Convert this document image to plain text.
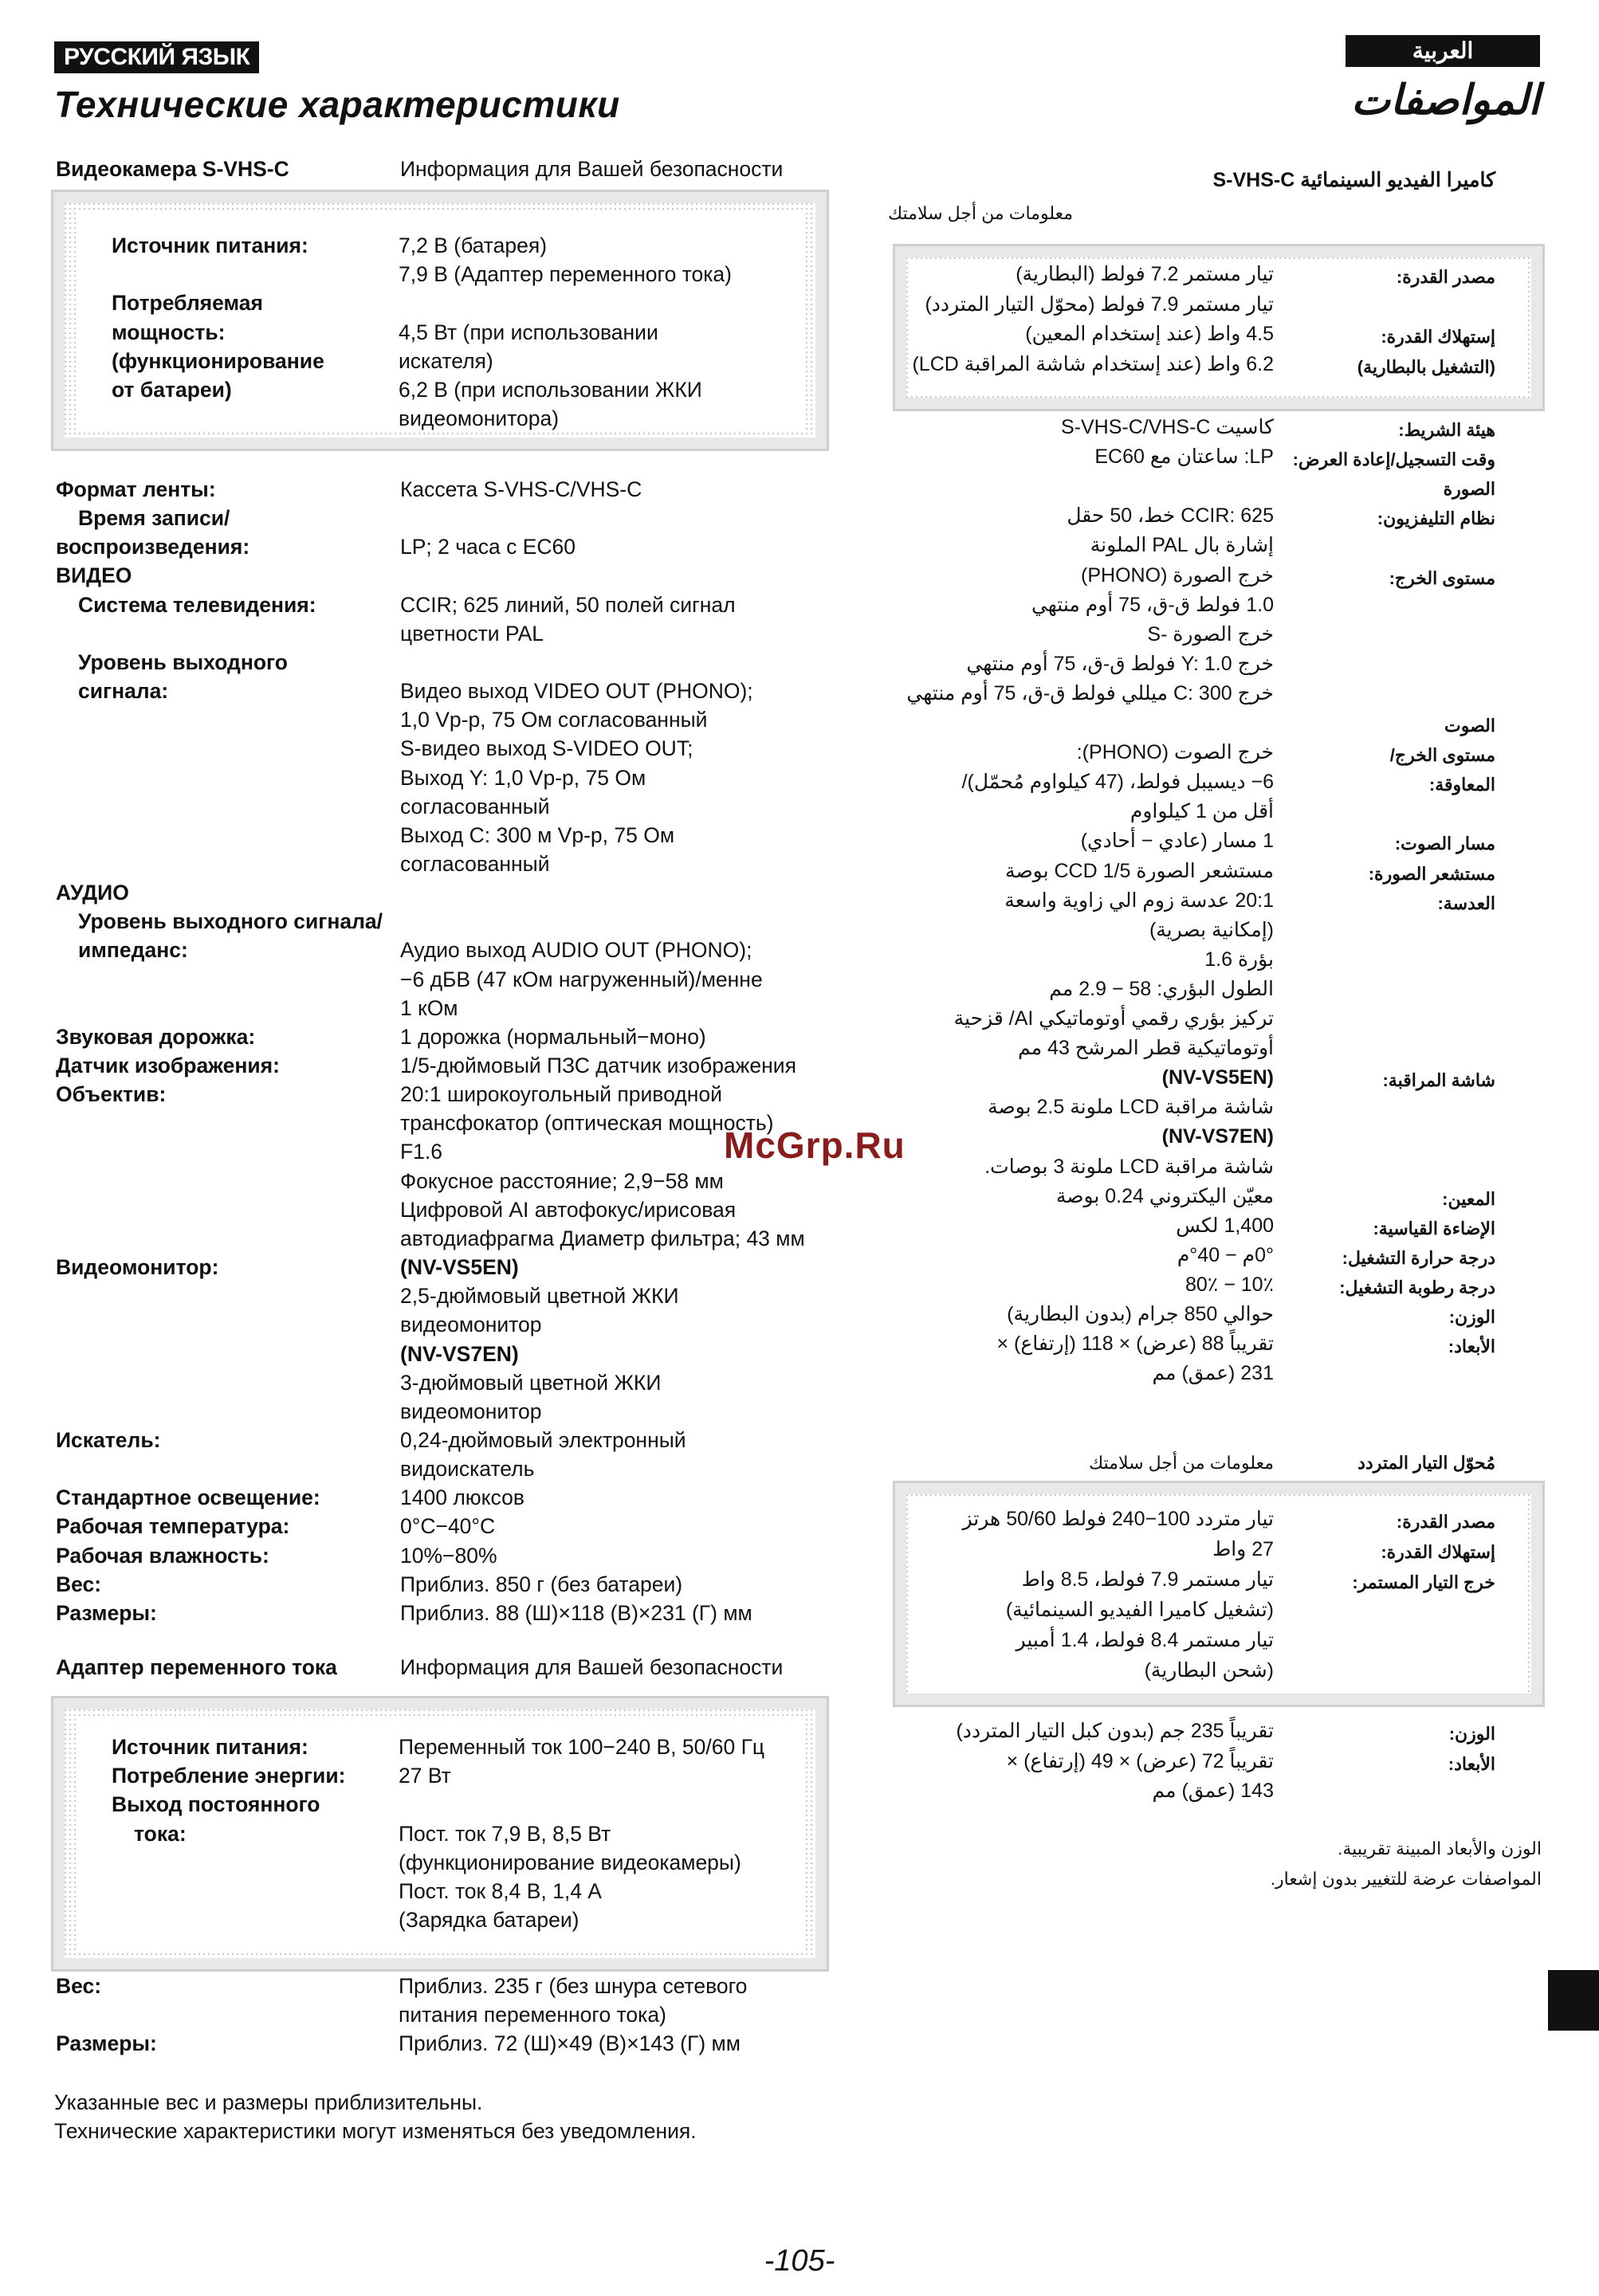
РУССКИЙ ЯЗЫК
Технические характеристики
Видеокамера S-VHS-C	Информация для Вашей безопасности
Источник питания:	7,2 В (батарея)
7,9 В (Адаптер переменного тока)
Потребляемая
мощность:	4,5 Вт (при использовании
(функционирование	искателя)
от батареи)	6,2 В (при использовании ЖКИ
видеомонитора)
Формат ленты:	Кассета S-VHS-C/VHS-C
Время записи/
воспроизведения:	LP; 2 часа с EC60
ВИДЕО
Система телевидения:	CCIR; 625 линий, 50 полей сигнал
цветности PAL
Уровень выходного
сигнала:	Видео выход VIDEO OUT (PHONO);
1,0 Vp-p, 75 Ом согласованный
S-видео выход S-VIDEO OUT;
Выход Y: 1,0 Vp-p, 75 Ом
согласованный
Выход C: 300 м Vp-p, 75 Ом
согласованный
АУДИО
Уровень выходного сигнала/
импеданс:	Аудио выход AUDIO OUT (PHONO);
−6 дБВ (47 кОм нагруженный)/менне
1 кОм
Звуковая дорожка:	1 дорожка (нормальный−моно)
Датчик изображения:	1/5-дюймовый ПЗС датчик изображения
Объектив:	20:1 широкоугольный приводной
трансфокатор (оптическая мощность)
F1.6
Фокусное расстояние; 2,9−58 мм
Цифровой AI автофокус/ирисовая
автодиафрагма Диаметр фильтра; 43 мм
Видеомонитор:	(NV-VS5EN)
2,5-дюймовый цветной ЖКИ
видеомонитор
(NV-VS7EN)
3-дюймовый цветной ЖКИ
видеомонитор
Искатель:	0,24-дюймовый электронный
видоискатель
Стандартное освещение:	1400 люксов
Рабочая температура:	0°C−40°C
Рабочая влажность:	10%−80%
Вес:	Приблиз. 850 г (без батареи)
Размеры:	Приблиз. 88 (Ш)×118 (В)×231 (Г) мм
Адаптер переменного тока	Информация для Вашей безопасности
Источник питания:	Переменный ток 100−240 В, 50/60 Гц
Потребление энергии:	27 Вт
Выход постоянного
тока:	Пост. ток 7,9 В, 8,5 Вт
(функционирование видеокамеры)
Пост. ток 8,4 В, 1,4 А
(Зарядка батареи)
Вес:	Приблиз. 235 г (без шнура сетевого
питания переменного тока)
Размеры:	Приблиз. 72 (Ш)×49 (В)×143 (Г) мм
Указанные вес и размеры приблизительны.
Технические характеристики могут изменяться без уведомления.
العربية
المواصفات
كاميرا الفيديو السينمائية S-VHS-C
معلومات من أجل سلامتك
مصدر القدرة:
تيار مستمر 7.2 فولط (البطارية)
تيار مستمر 7.9 فولط (محوّل التيار المتردد)
إستهلاك القدرة:
4.5 واط (عند إستخدام المعين)
(التشغيل بالبطارية)
6.2 واط (عند إستخدام شاشة المراقبة LCD)
هيئة الشريط:
كاسيت S-VHS-C/VHS-C
وقت التسجيل/إعادة العرض:
LP: ساعتان مع EC60
الصورة
نظام التليفزيون:
CCIR: 625 خط، 50 حقل
إشارة بال PAL الملونة
مستوى الخرج:
خرج الصورة (PHONO)
1.0 فولط ق-ق، 75 أوم منتهي
خرج الصورة -S
خرج Y: 1.0 فولط ق-ق، 75 أوم منتهي
خرج C: 300 ميللي فولط ق-ق، 75 أوم منتهي
الصوت
مستوى الخرج/
خرج الصوت (PHONO):
المعاوقة:
6− ديسيبل فولط، (47 كيلواوم مُحمّل)/
أقل من 1 كيلواوم
مسار الصوت:
1 مسار (عادي − أحادي)
مستشعر الصورة:
مستشعر الصورة CCD 1/5 بوصة
العدسة:
20:1 عدسة زوم الي زاوية واسعة
(إمكانية بصرية)
بؤرة 1.6
الطول البؤري: 58 − 2.9 مم
تركيز بؤري رقمي أوتوماتيكي AI/ قزحية
أوتوماتيكية قطر المرشح 43 مم
شاشة المراقبة:
(NV-VS5EN)
شاشة مراقبة LCD ملونة 2.5 بوصة
(NV-VS7EN)
شاشة مراقبة LCD ملونة 3 بوصات.
المعين:
معيّن اليكتروني 0.24 بوصة
الإضاءة القياسية:
1,400 لكس
درجة حرارة التشغيل:
0°م − 40°م
درجة رطوبة التشغيل:
10٪ − 80٪
الوزن:
حوالي 850 جرام (بدون البطارية)
الأبعاد:
تقريباً 88 (عرض) × 118 (إرتفاع) ×
231 (عمق) مم
مُحوّل التيار المتردد
معلومات من أجل سلامتك
مصدر القدرة:
تيار متردد 100−240 فولط 50/60 هرتز
إستهلاك القدرة:
27 واط
خرج التيار المستمر:
تيار مستمر 7.9 فولط، 8.5 واط
(تشغيل كاميرا الفيديو السينمائية)
تيار مستمر 8.4 فولط، 1.4 أمبير
(شحن البطارية)
الوزن:
تقريباً 235 جم (بدون كبل التيار المتردد)
الأبعاد:
تقريباً 72 (عرض) × 49 (إرتفاع) ×
143 (عمق) مم
الوزن والأبعاد المبينة تقريبية.
المواصفات عرضة للتغيير بدون إشعار.
McGrp.Ru
-105-
